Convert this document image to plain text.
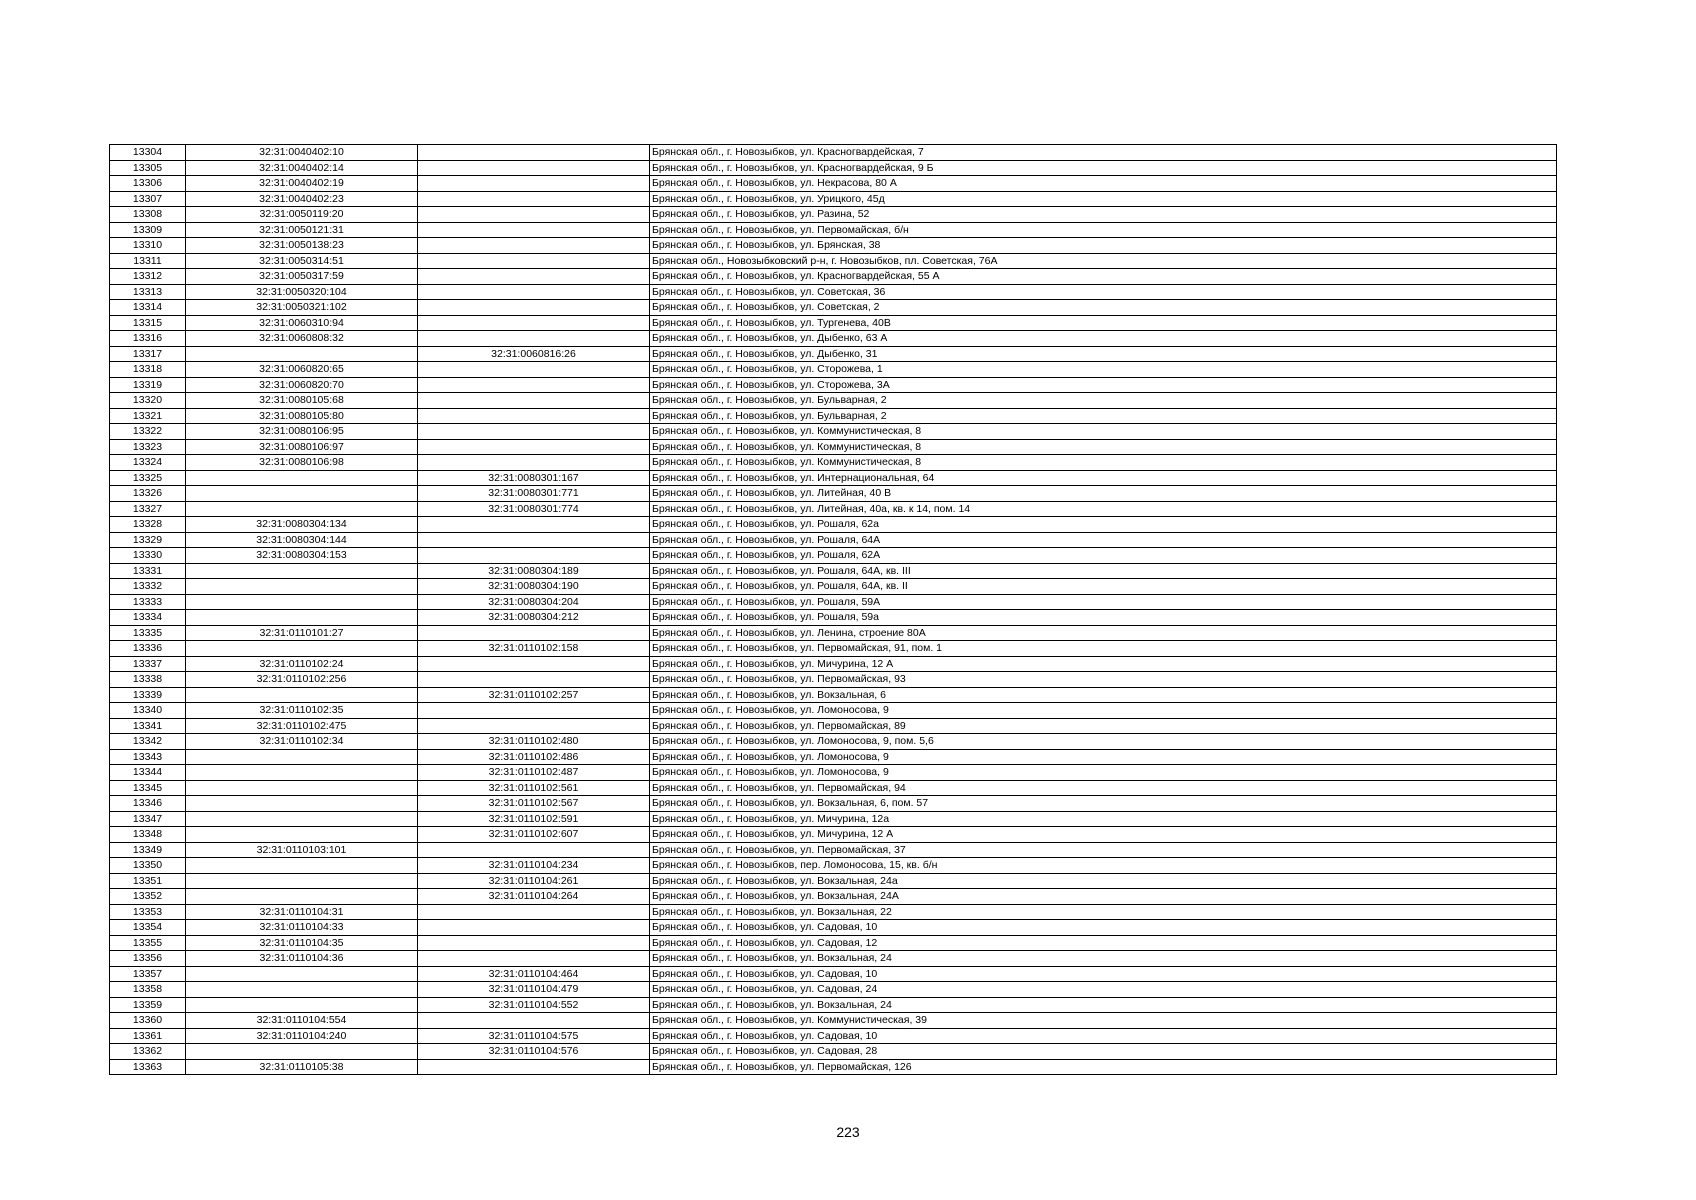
13304	32:31:0040402:10		Брянская обл., г. Новозыбков, ул. Красногвардейская, 7
13305	32:31:0040402:14		Брянская обл., г. Новозыбков, ул. Красногвардейская, 9 Б
13306	32:31:0040402:19		Брянская обл., г. Новозыбков, ул. Некрасова, 80 А
13307	32:31:0040402:23		Брянская обл., г. Новозыбков, ул. Урицкого, 45д
13308	32:31:0050119:20		Брянская обл., г. Новозыбков, ул. Разина, 52
13309	32:31:0050121:31		Брянская обл., г. Новозыбков, ул. Первомайская, б/н
13310	32:31:0050138:23		Брянская обл., г. Новозыбков, ул. Брянская, 38
13311	32:31:0050314:51		Брянская обл., Новозыбковский р-н, г. Новозыбков, пл. Советская, 76А
13312	32:31:0050317:59		Брянская обл., г. Новозыбков, ул. Красногвардейская, 55 А
13313	32:31:0050320:104		Брянская обл., г. Новозыбков, ул. Советская, 36
13314	32:31:0050321:102		Брянская обл., г. Новозыбков, ул. Советская, 2
13315	32:31:0060310:94		Брянская обл., г. Новозыбков, ул. Тургенева, 40В
13316	32:31:0060808:32		Брянская обл., г. Новозыбков, ул. Дыбенко, 63 А
13317		32:31:0060816:26	Брянская обл., г. Новозыбков, ул. Дыбенко, 31
13318	32:31:0060820:65		Брянская обл., г. Новозыбков, ул. Сторожева, 1
13319	32:31:0060820:70		Брянская обл., г. Новозыбков, ул. Сторожева, 3А
13320	32:31:0080105:68		Брянская обл., г. Новозыбков, ул. Бульварная, 2
13321	32:31:0080105:80		Брянская обл., г. Новозыбков, ул. Бульварная, 2
13322	32:31:0080106:95		Брянская обл., г. Новозыбков, ул. Коммунистическая, 8
13323	32:31:0080106:97		Брянская обл., г. Новозыбков, ул. Коммунистическая, 8
13324	32:31:0080106:98		Брянская обл., г. Новозыбков, ул. Коммунистическая, 8
13325		32:31:0080301:167	Брянская обл., г. Новозыбков, ул. Интернациональная, 64
13326		32:31:0080301:771	Брянская обл., г. Новозыбков, ул. Литейная, 40 В
13327		32:31:0080301:774	Брянская обл., г. Новозыбков, ул. Литейная, 40а, кв. к 14, пом. 14
13328	32:31:0080304:134		Брянская обл., г. Новозыбков, ул. Рошаля, 62а
13329	32:31:0080304:144		Брянская обл., г. Новозыбков, ул. Рошаля, 64А
13330	32:31:0080304:153		Брянская обл., г. Новозыбков, ул. Рошаля, 62А
13331		32:31:0080304:189	Брянская обл., г. Новозыбков, ул. Рошаля, 64А, кв. III
13332		32:31:0080304:190	Брянская обл., г. Новозыбков, ул. Рошаля, 64А, кв. II
13333		32:31:0080304:204	Брянская обл., г. Новозыбков, ул. Рошаля, 59А
13334		32:31:0080304:212	Брянская обл., г. Новозыбков, ул. Рошаля, 59а
13335	32:31:0110101:27		Брянская обл., г. Новозыбков, ул. Ленина, строение 80А
13336		32:31:0110102:158	Брянская обл., г. Новозыбков, ул. Первомайская, 91, пом. 1
13337	32:31:0110102:24		Брянская обл., г. Новозыбков, ул. Мичурина, 12 А
13338	32:31:0110102:256		Брянская обл., г. Новозыбков, ул. Первомайская, 93
13339		32:31:0110102:257	Брянская обл., г. Новозыбков, ул. Вокзальная, 6
13340	32:31:0110102:35		Брянская обл., г. Новозыбков, ул. Ломоносова, 9
13341	32:31:0110102:475		Брянская обл., г. Новозыбков, ул. Первомайская, 89
13342	32:31:0110102:34	32:31:0110102:480	Брянская обл., г. Новозыбков, ул. Ломоносова, 9, пом. 5,6
13343		32:31:0110102:486	Брянская обл., г. Новозыбков, ул. Ломоносова, 9
13344		32:31:0110102:487	Брянская обл., г. Новозыбков, ул. Ломоносова, 9
13345		32:31:0110102:561	Брянская обл., г. Новозыбков, ул. Первомайская, 94
13346		32:31:0110102:567	Брянская обл., г. Новозыбков, ул. Вокзальная, 6, пом. 57
13347		32:31:0110102:591	Брянская обл., г. Новозыбков, ул. Мичурина, 12а
13348		32:31:0110102:607	Брянская обл., г. Новозыбков, ул. Мичурина, 12 А
13349	32:31:0110103:101		Брянская обл., г. Новозыбков, ул. Первомайская, 37
13350		32:31:0110104:234	Брянская обл., г. Новозыбков, пер. Ломоносова, 15, кв. б/н
13351		32:31:0110104:261	Брянская обл., г. Новозыбков, ул. Вокзальная, 24а
13352		32:31:0110104:264	Брянская обл., г. Новозыбков, ул. Вокзальная, 24А
13353	32:31:0110104:31		Брянская обл., г. Новозыбков, ул. Вокзальная, 22
13354	32:31:0110104:33		Брянская обл., г. Новозыбков, ул. Садовая, 10
13355	32:31:0110104:35		Брянская обл., г. Новозыбков, ул. Садовая, 12
13356	32:31:0110104:36		Брянская обл., г. Новозыбков, ул. Вокзальная, 24
13357		32:31:0110104:464	Брянская обл., г. Новозыбков, ул. Садовая, 10
13358		32:31:0110104:479	Брянская обл., г. Новозыбков, ул. Садовая, 24
13359		32:31:0110104:552	Брянская обл., г. Новозыбков, ул. Вокзальная, 24
13360	32:31:0110104:554		Брянская обл., г. Новозыбков, ул. Коммунистическая, 39
13361	32:31:0110104:240	32:31:0110104:575	Брянская обл., г. Новозыбков, ул. Садовая, 10
13362		32:31:0110104:576	Брянская обл., г. Новозыбков, ул. Садовая, 28
13363	32:31:0110105:38		Брянская обл., г. Новозыбков, ул. Первомайская, 126
223
